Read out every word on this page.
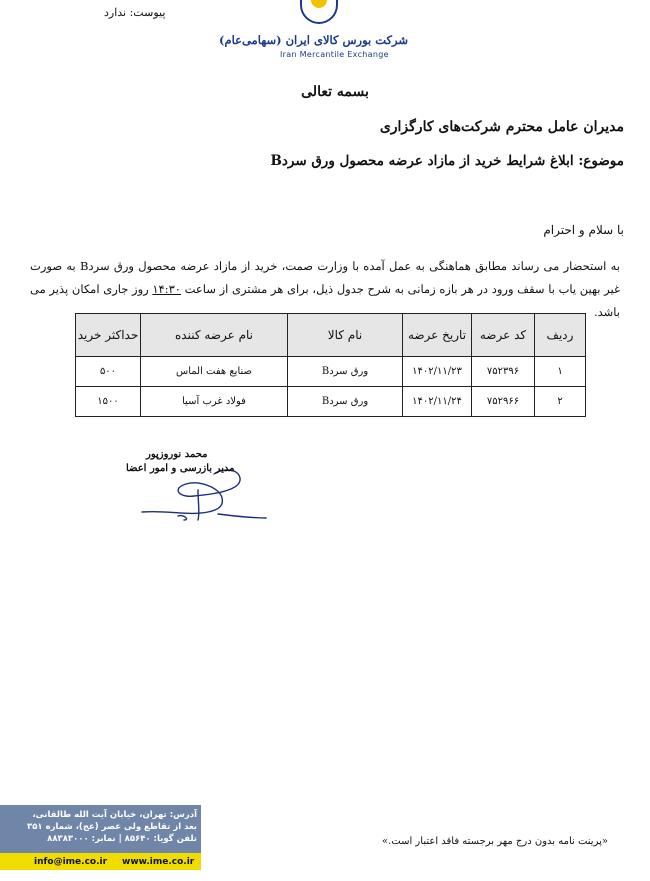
پیوست: ندارد
شرکت بورس کالای ایران (سهامی‌عام)
Iran Mercantile Exchange
بسمه تعالی
مدیران عامل محترم شرکت‌های کارگزاری
موضوع: ابلاغ شرایط خرید از مازاد عرضه محصول ورق سردB
با سلام و احترام
به استحضار می رساند مطابق هماهنگی به عمل آمده با وزارت صمت، خرید از مازاد عرضه محصول ورق سردB به صورت غیر بهین یاب با سقف ورود در هر بازه زمانی به شرح جدول ذیل، برای هر مشتری از ساعت ۱۴:۳۰ روز جاری امکان پذیر می باشد.
ردیف	کد عرضه	تاریخ عرضه	نام کالا	نام عرضه کننده	حداکثر خرید
۱	۷۵۲۳۹۶	۱۴۰۲/۱۱/۲۳	ورق سردB	صنایع هفت الماس	۵۰۰
۲	۷۵۲۹۶۶	۱۴۰۲/۱۱/۲۴	ورق سردB	فولاد غرب آسیا	۱۵۰۰
محمد نوروزپور
مدیر بازرسی و امور اعضا
«پرینت نامه بدون درج مهر برجسته فاقد اعتبار است.»
آدرس: تهران، خیابان آیت الله طالقانی،
بعد از تقاطع ولی عصر (عج)، شماره ۳۵۱
تلفن گویا: ۸۵۶۴۰ | نمابر: ۸۸۳۸۳۰۰۰
info@ime.co.ir www.ime.co.ir
